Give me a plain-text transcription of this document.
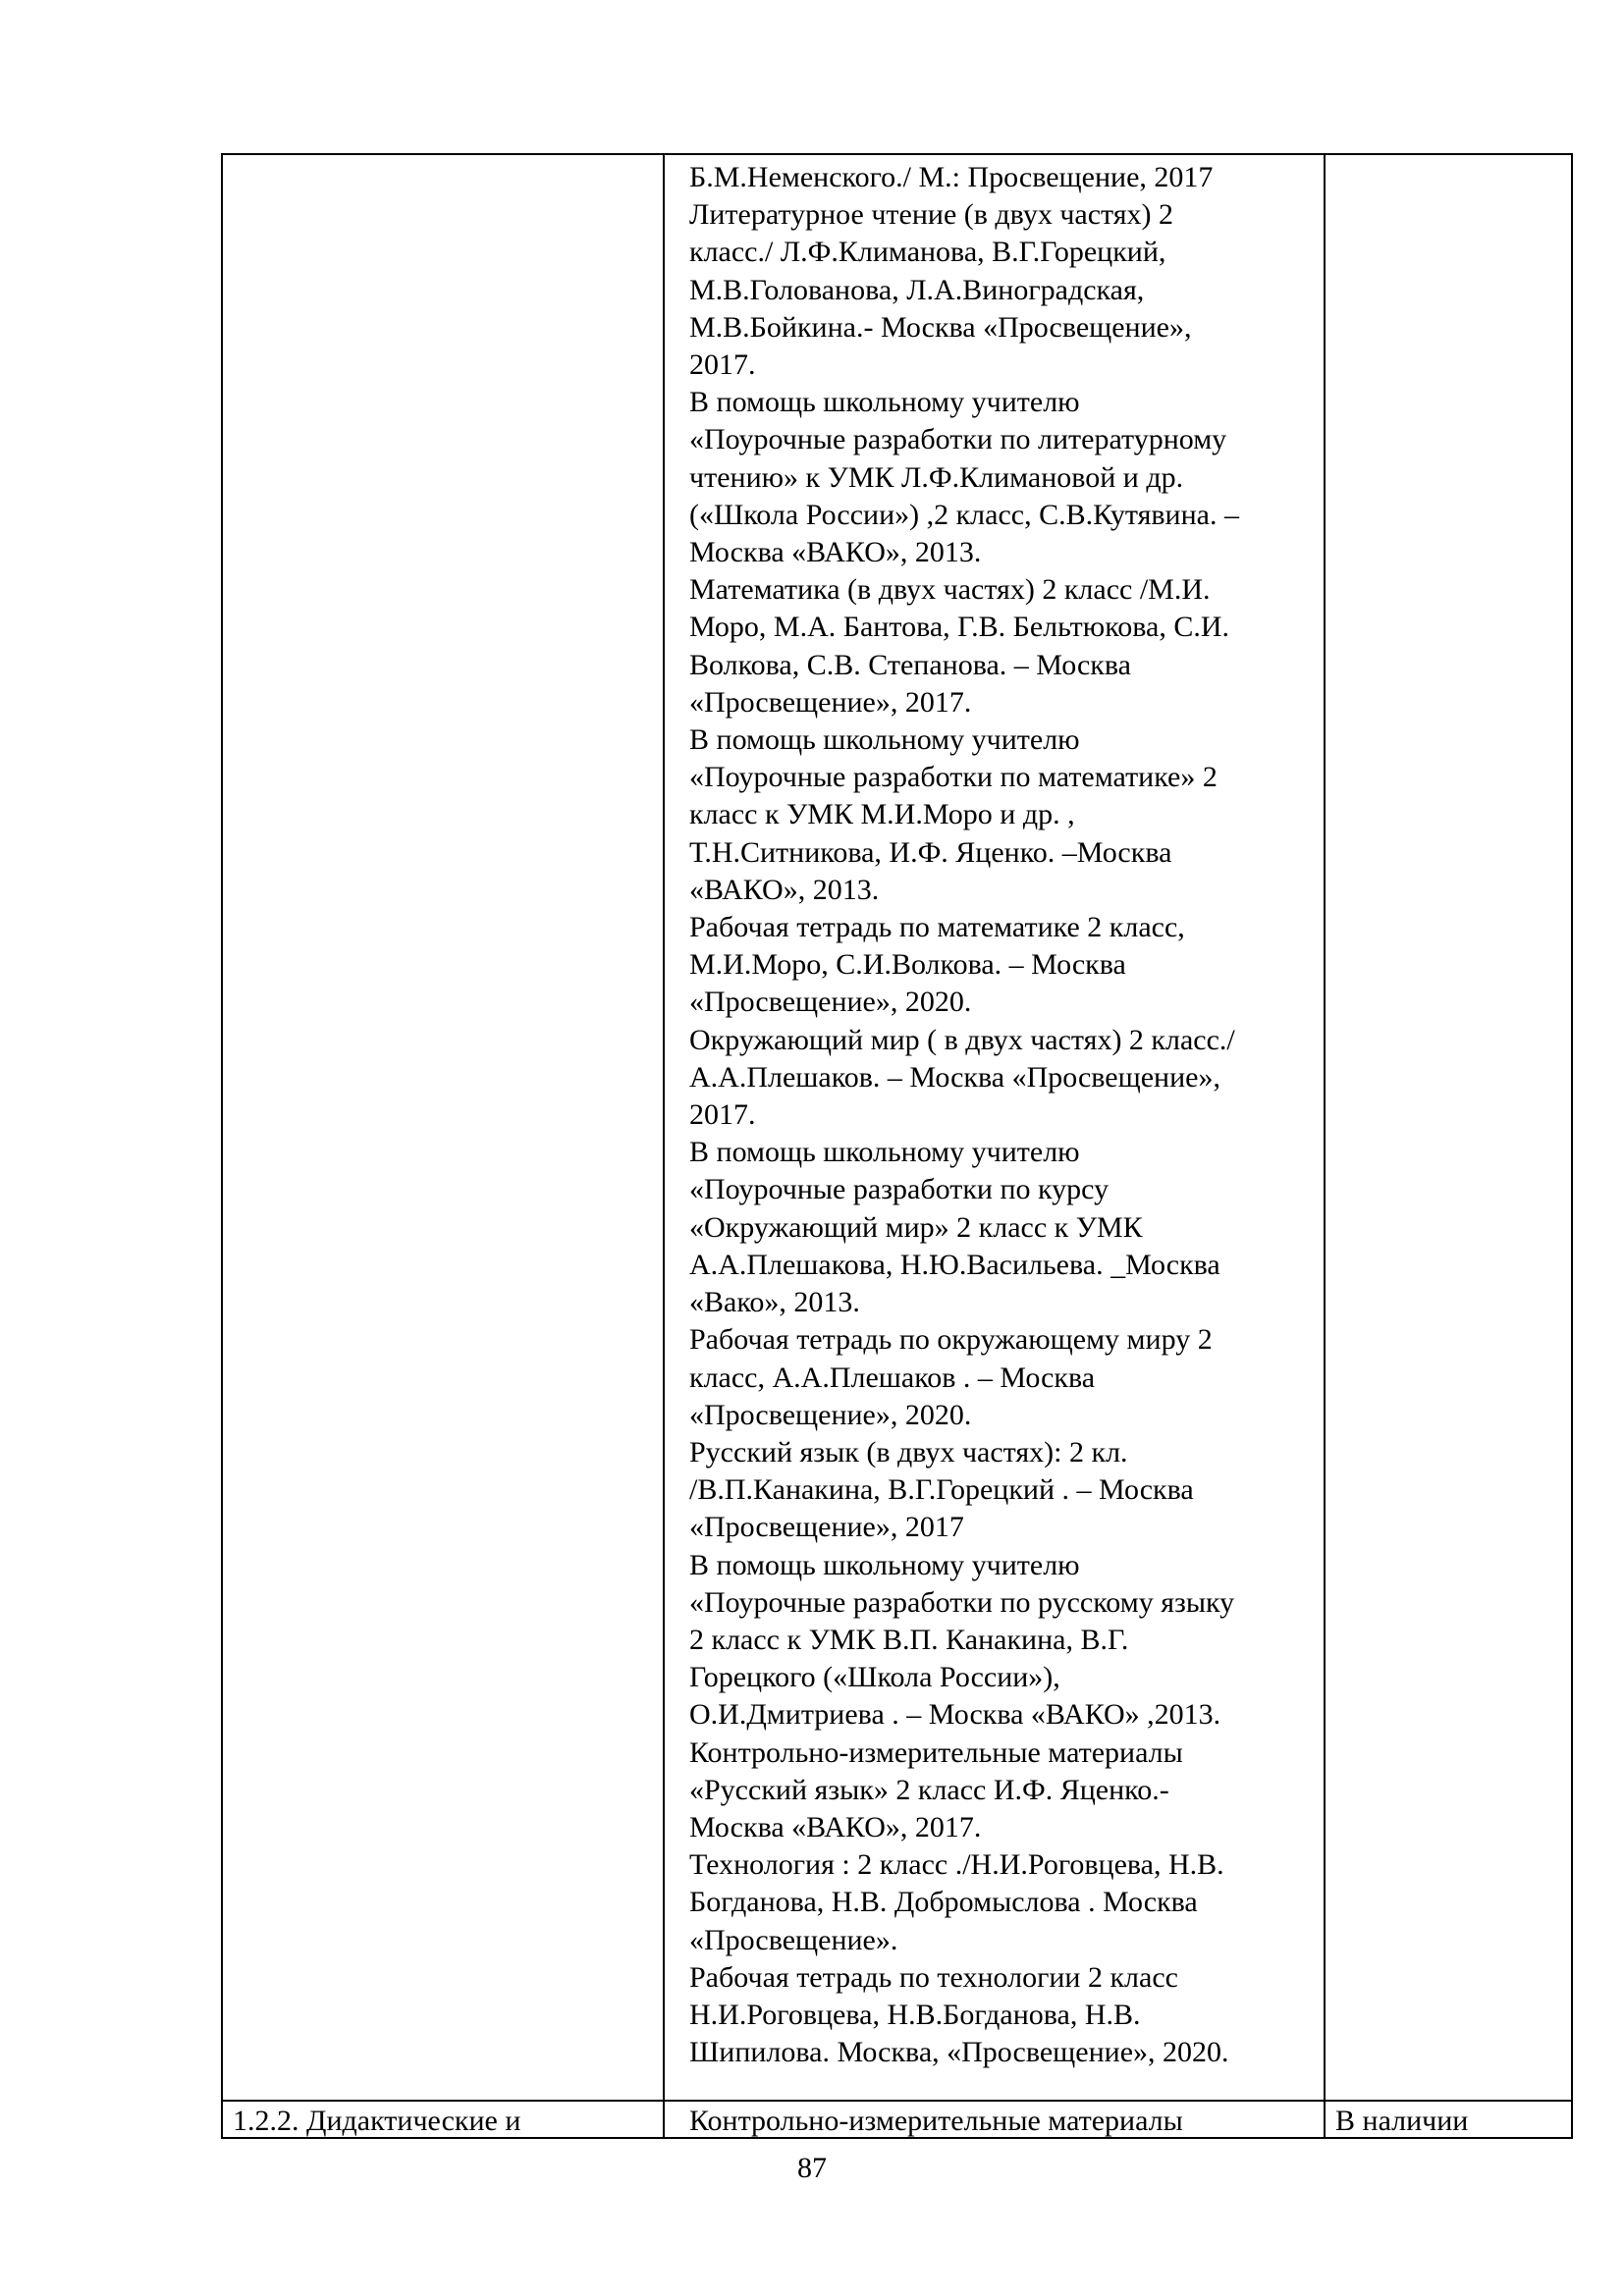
Б.М.Неменского./ М.: Просвещение, 2017
Литературное чтение (в двух частях) 2
класс./ Л.Ф.Климанова, В.Г.Горецкий,
М.В.Голованова, Л.А.Виноградская,
М.В.Бойкина.- Москва «Просвещение»,
2017.
В помощь школьному учителю
«Поурочные разработки по литературному
чтению» к УМК Л.Ф.Климановой и др.
(«Школа России») ,2 класс, С.В.Кутявина. –
Москва «ВАКО», 2013.
Математика (в двух частях) 2 класс /М.И.
Моро, М.А. Бантова, Г.В. Бельтюкова, С.И.
Волкова, С.В. Степанова. – Москва
«Просвещение», 2017.
В помощь школьному учителю
«Поурочные разработки по математике» 2
класс к УМК М.И.Моро и др. ,
Т.Н.Ситникова, И.Ф. Яценко. –Москва
«ВАКО», 2013.
Рабочая тетрадь по математике 2 класс,
М.И.Моро, С.И.Волкова. – Москва
«Просвещение», 2020.
Окружающий мир ( в двух частях) 2 класс./
А.А.Плешаков. – Москва «Просвещение»,
2017.
В помощь школьному учителю
«Поурочные разработки по курсу
«Окружающий мир» 2 класс к УМК
А.А.Плешакова, Н.Ю.Васильева. _Москва
«Вако», 2013.
Рабочая тетрадь по окружающему миру 2
класс, А.А.Плешаков . – Москва
«Просвещение», 2020.
Русский язык (в двух частях): 2 кл.
/В.П.Канакина, В.Г.Горецкий . – Москва
«Просвещение», 2017
В помощь школьному учителю
«Поурочные разработки по русскому языку
2 класс к УМК В.П. Канакина, В.Г.
Горецкого («Школа России»),
О.И.Дмитриева . – Москва «ВАКО» ,2013.
Контрольно-измерительные материалы
«Русский язык» 2 класс И.Ф. Яценко.-
Москва «ВАКО», 2017.
Технология : 2 класс ./Н.И.Роговцева, Н.В.
Богданова, Н.В. Добромыслова . Москва
«Просвещение».
Рабочая тетрадь по технологии 2 класс
Н.И.Роговцева, Н.В.Богданова, Н.В.
Шипилова. Москва, «Просвещение», 2020.
1.2.2. Дидактические и	Контрольно-измерительные материалы	В наличии
87
